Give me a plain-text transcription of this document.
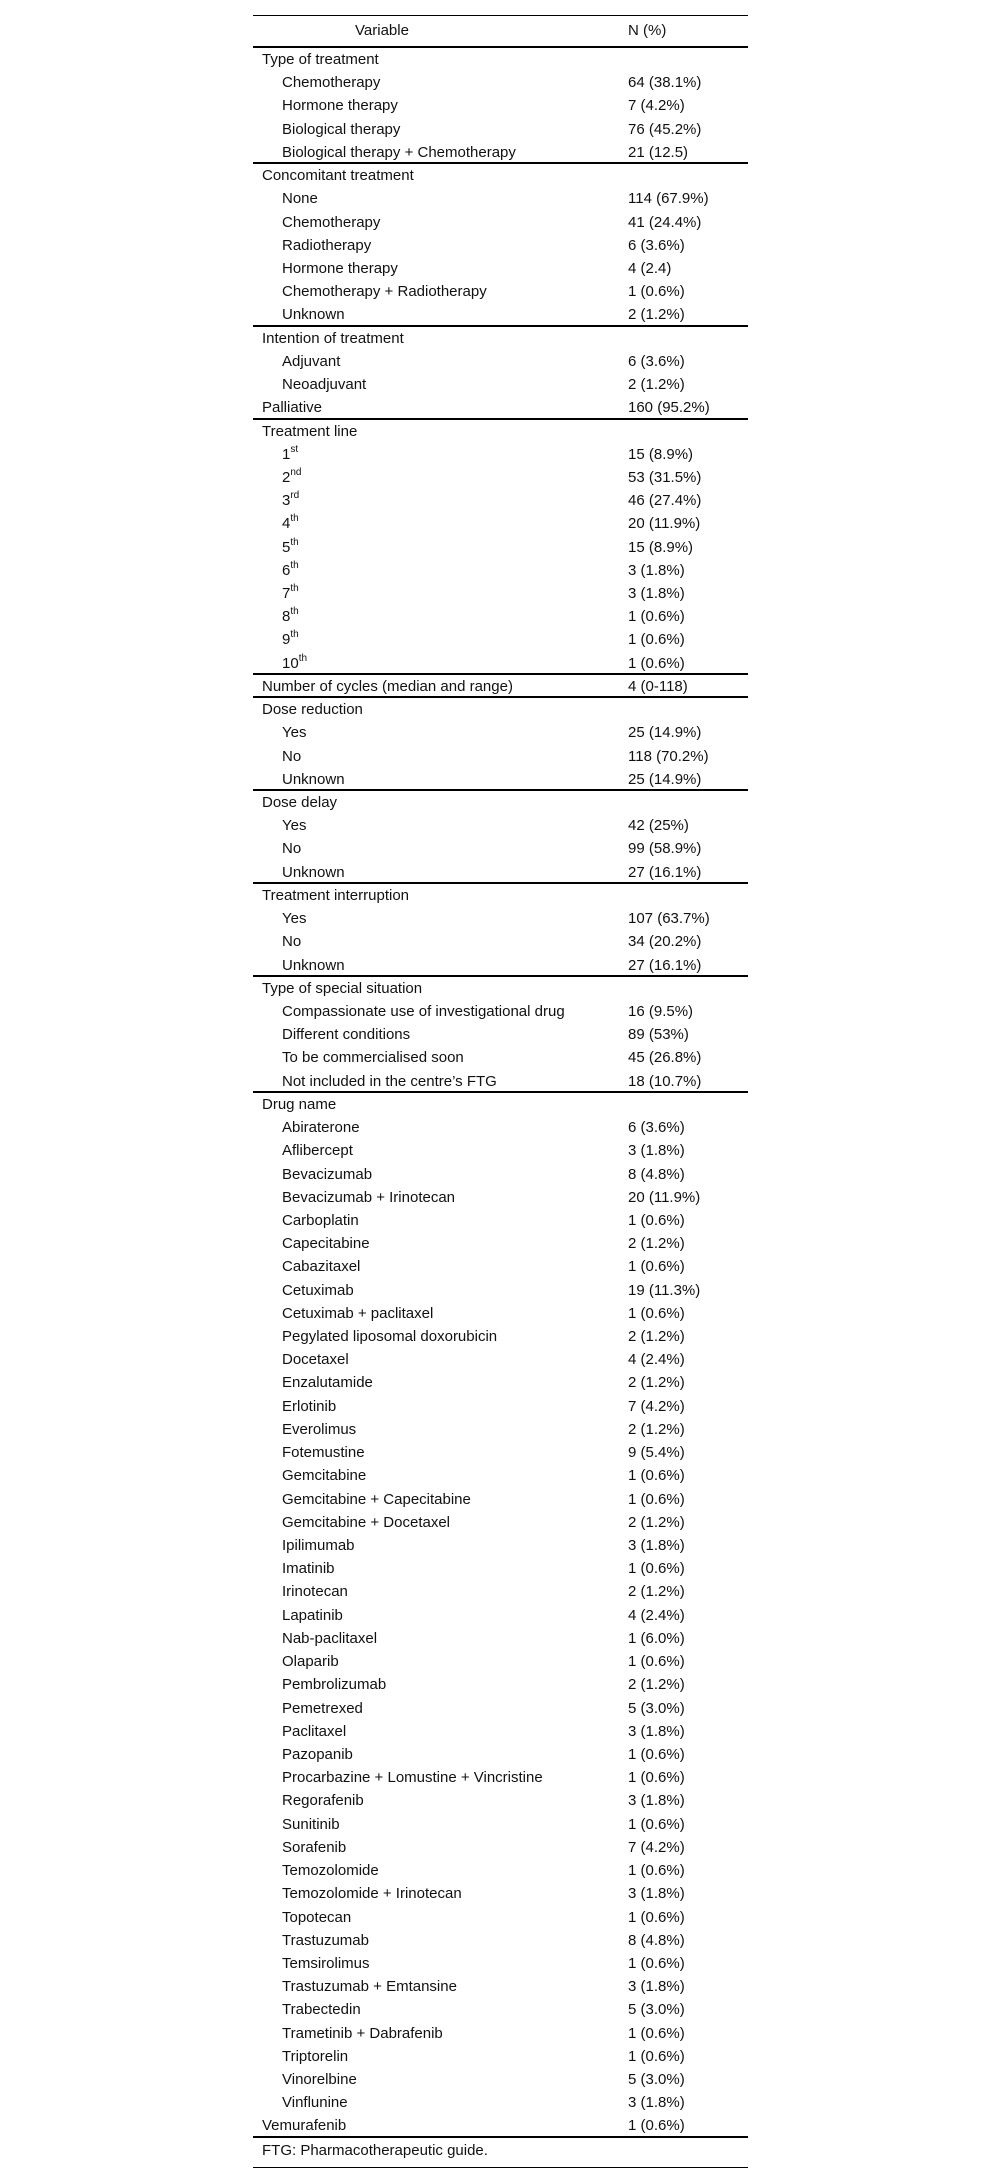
Variable	N (%)
Type of treatment
Chemotherapy	64 (38.1%)
Hormone therapy	7 (4.2%)
Biological therapy	76 (45.2%)
Biological therapy + Chemotherapy	21 (12.5)
Concomitant treatment
None	114 (67.9%)
Chemotherapy	41 (24.4%)
Radiotherapy	6 (3.6%)
Hormone therapy	4 (2.4)
Chemotherapy + Radiotherapy	1 (0.6%)
Unknown	2 (1.2%)
Intention of treatment
Adjuvant	6 (3.6%)
Neoadjuvant	2 (1.2%)
Palliative	160 (95.2%)
Treatment line
1st	15 (8.9%)
2nd	53 (31.5%)
3rd	46 (27.4%)
4th	20 (11.9%)
5th	15 (8.9%)
6th	3 (1.8%)
7th	3 (1.8%)
8th	1 (0.6%)
9th	1 (0.6%)
10th	1 (0.6%)
Number of cycles (median and range)	4 (0-118)
Dose reduction
Yes	25 (14.9%)
No	118 (70.2%)
Unknown	25 (14.9%)
Dose delay
Yes	42 (25%)
No	99 (58.9%)
Unknown	27 (16.1%)
Treatment interruption
Yes	107 (63.7%)
No	34 (20.2%)
Unknown	27 (16.1%)
Type of special situation
Compassionate use of investigational drug	16 (9.5%)
Different conditions	89 (53%)
To be commercialised soon	45 (26.8%)
Not included in the centre’s FTG	18 (10.7%)
Drug name
Abiraterone	6 (3.6%)
Aflibercept	3 (1.8%)
Bevacizumab	8 (4.8%)
Bevacizumab + Irinotecan	20 (11.9%)
Carboplatin	1 (0.6%)
Capecitabine	2 (1.2%)
Cabazitaxel	1 (0.6%)
Cetuximab	19 (11.3%)
Cetuximab + paclitaxel	1 (0.6%)
Pegylated liposomal doxorubicin	2 (1.2%)
Docetaxel	4 (2.4%)
Enzalutamide	2 (1.2%)
Erlotinib	7 (4.2%)
Everolimus	2 (1.2%)
Fotemustine	9 (5.4%)
Gemcitabine	1 (0.6%)
Gemcitabine + Capecitabine	1 (0.6%)
Gemcitabine + Docetaxel	2 (1.2%)
Ipilimumab	3 (1.8%)
Imatinib	1 (0.6%)
Irinotecan	2 (1.2%)
Lapatinib	4 (2.4%)
Nab-paclitaxel	1 (6.0%)
Olaparib	1 (0.6%)
Pembrolizumab	2 (1.2%)
Pemetrexed	5 (3.0%)
Paclitaxel	3 (1.8%)
Pazopanib	1 (0.6%)
Procarbazine + Lomustine + Vincristine	1 (0.6%)
Regorafenib	3 (1.8%)
Sunitinib	1 (0.6%)
Sorafenib	7 (4.2%)
Temozolomide	1 (0.6%)
Temozolomide + Irinotecan	3 (1.8%)
Topotecan	1 (0.6%)
Trastuzumab	8 (4.8%)
Temsirolimus	1 (0.6%)
Trastuzumab + Emtansine	3 (1.8%)
Trabectedin	5 (3.0%)
Trametinib + Dabrafenib	1 (0.6%)
Triptorelin	1 (0.6%)
Vinorelbine	5 (3.0%)
Vinflunine	3 (1.8%)
Vemurafenib	1 (0.6%)
FTG: Pharmacotherapeutic guide.
